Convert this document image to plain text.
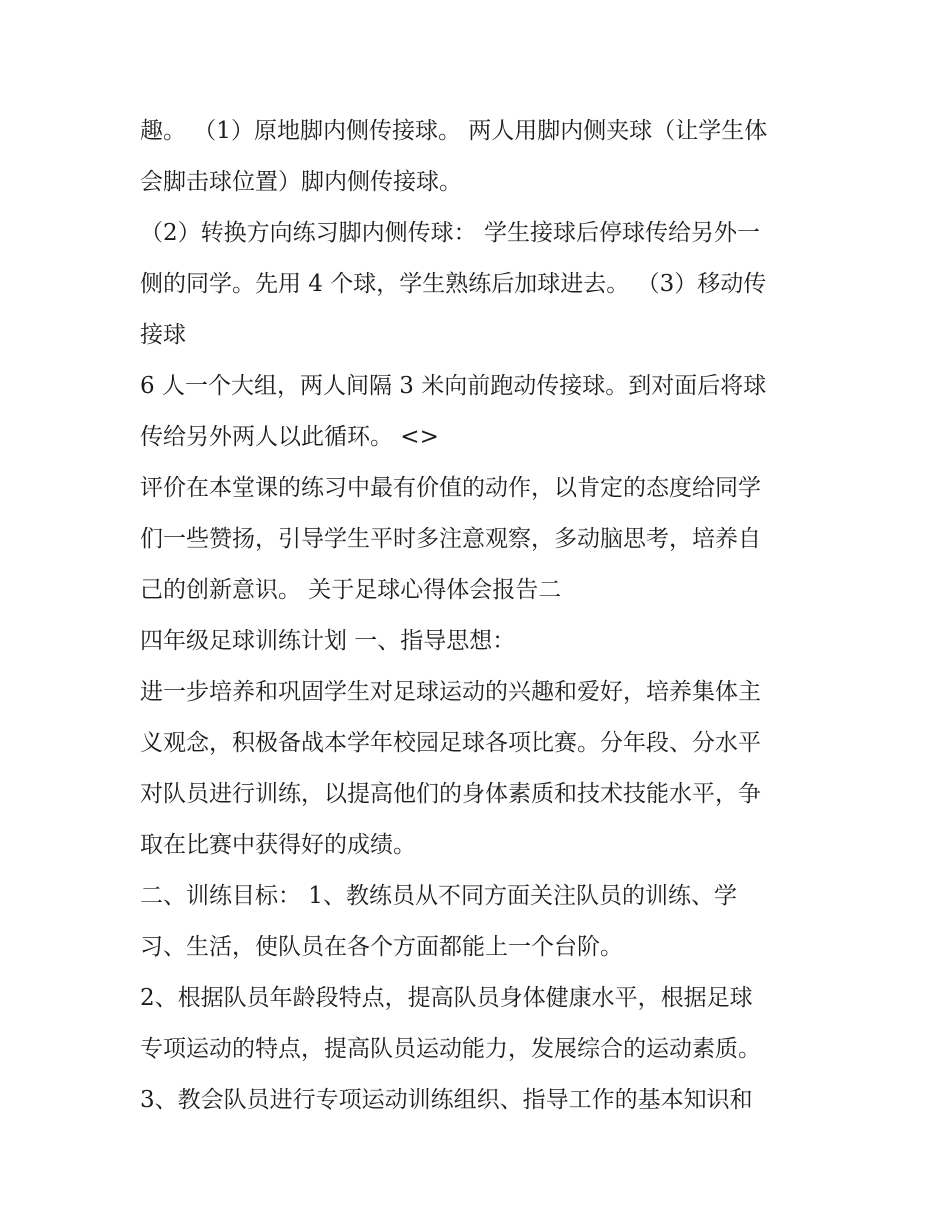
趣。 （1）原地脚内侧传接球。 两人用脚内侧夹球（让学生体
会脚击球位置）脚内侧传接球。
（2）转换方向练习脚内侧传球： 学生接球后停球传给另外一
侧的同学。先用 4 个球，学生熟练后加球进去。 （3）移动传
接球
6 人一个大组，两人间隔 3 米向前跑动传接球。到对面后将球
传给另外两人以此循环。 <>
评价在本堂课的练习中最有价值的动作，以肯定的态度给同学
们一些赞扬，引导学生平时多注意观察，多动脑思考，培养自
己的创新意识。 关于足球心得体会报告二
四年级足球训练计划 一、指导思想：
进一步培养和巩固学生对足球运动的兴趣和爱好，培养集体主
义观念，积极备战本学年校园足球各项比赛。分年段、分水平
对队员进行训练，以提高他们的身体素质和技术技能水平，争
取在比赛中获得好的成绩。
二、训练目标： 1、教练员从不同方面关注队员的训练、学
习、生活，使队员在各个方面都能上一个台阶。
2、根据队员年龄段特点，提高队员身体健康水平，根据足球
专项运动的特点，提高队员运动能力，发展综合的运动素质。
3、教会队员进行专项运动训练组织、指导工作的基本知识和
